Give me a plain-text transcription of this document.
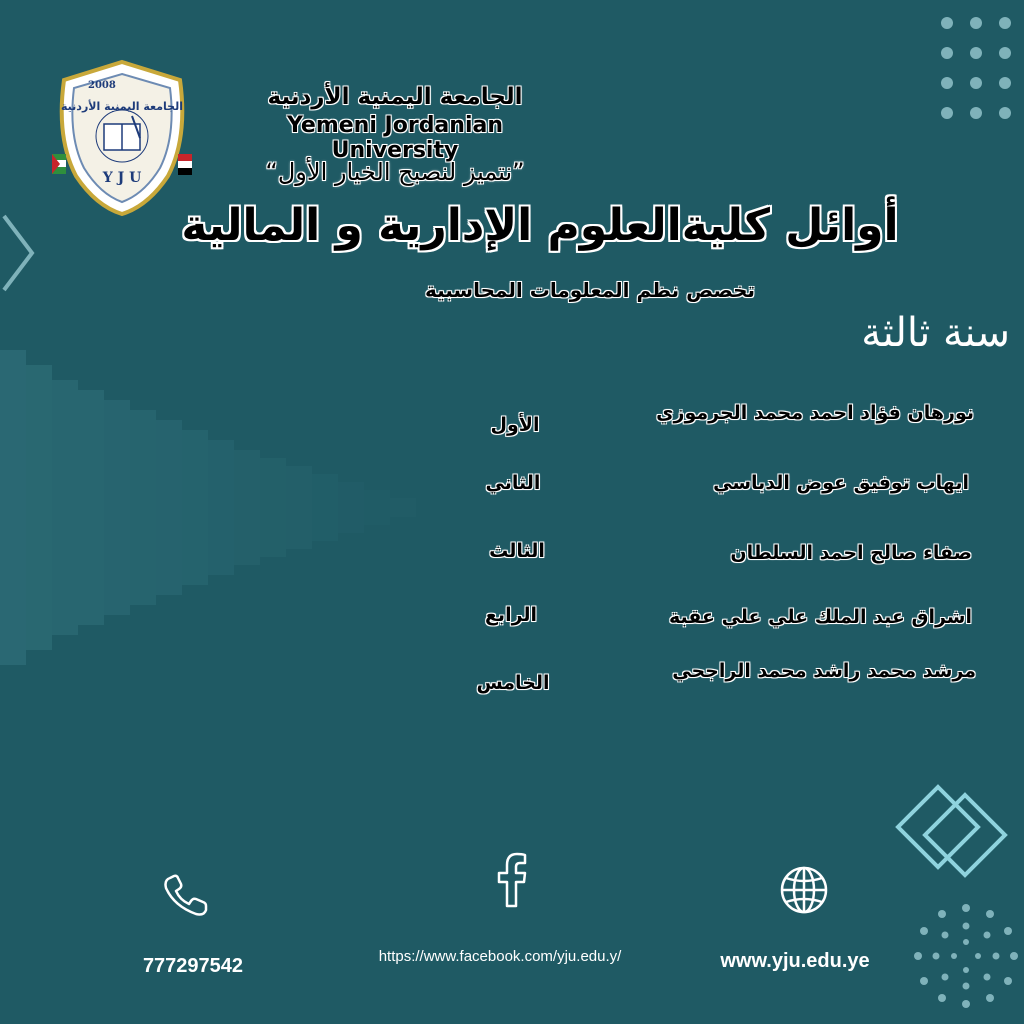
2008
الجامعة اليمنية الأردنية
Y J U
الجامعة اليمنية الأردنية
Yemeni Jordanian University
”نتميز لنصبح الخيار الأول“
أوائل كليةالعلوم الإدارية و المالية
تخصص نظم المعلومات المحاسبية
سنة ثالثة
نورهان فؤاد احمد محمد الجرموزي
الأول
ايهاب توفيق عوض الدباسي
الثاني
صفاء صالح احمد السلطان
الثالث
اشراق عبد الملك علي علي عقبة
الرابع
مرشد محمد راشد محمد الراجحي
الخامس
777297542	https://www.facebook.com/yju.edu.y/	www.yju.edu.ye
